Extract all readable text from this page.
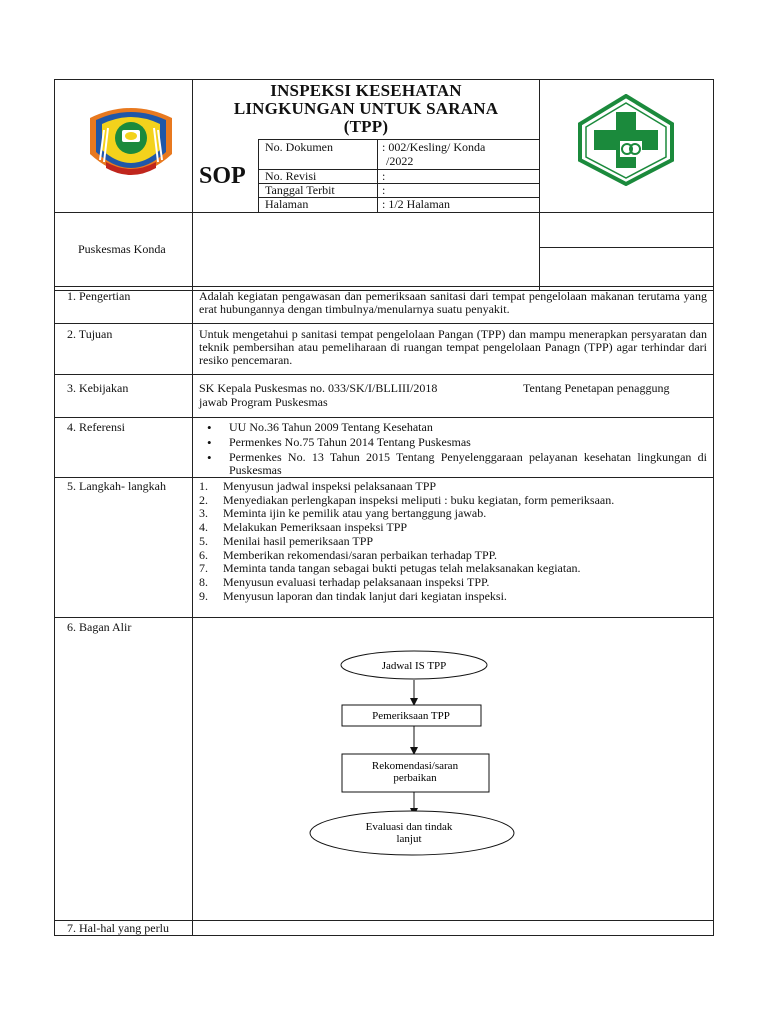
INSPEKSI KESEHATAN
LINGKUNGAN UNTUK SARANA
(TPP)
SOP
No. Dokumen	: 002/Kesling/ Konda
/2022
No. Revisi	:
Tanggal Terbit	:
Halaman	: 1/2 Halaman
Puskesmas Konda
1. Pengertian	Adalah kegiatan pengawasan dan pemeriksaan sanitasi dari tempat pengelolaan makanan terutama yang erat hubungannya dengan timbulnya/menularnya suatu penyakit.
2. Tujuan	Untuk mengetahui p sanitasi tempat pengelolaan Pangan (TPP) dan mampu menerapkan persyaratan dan teknik pembersihan atau pemeliharaan di ruangan tempat pengelolaan Panagn (TPP) agar terhindar dari resiko pencemaran.
3. Kebijakan	SK Kepala Puskesmas no. 033/SK/I/BLLIII/2018	Tentang Penetapan penaggung
jawab Program Puskesmas
4. Referensi
•	UU No.36 Tahun 2009 Tentang Kesehatan
• Permenkes No.75 Tahun 2014 Tentang Puskesmas
• Permenkes No. 13 Tahun 2015 Tentang Penyelenggaraan pelayanan kesehatan lingkungan di Puskesmas
5. Langkah- langkah	1. Menyusun jadwal inspeksi pelaksanaan TPP
2. Menyediakan perlengkapan inspeksi meliputi : buku kegiatan, form pemeriksaan.
3. Meminta ijin ke pemilik atau yang bertanggung jawab.
4. Melakukan Pemeriksaan inspeksi TPP
5. Menilai hasil pemeriksaan TPP
6. Memberikan rekomendasi/saran perbaikan terhadap TPP.
7. Meminta tanda tangan sebagai bukti petugas telah melaksanakan kegiatan.
8. Menyusun evaluasi terhadap pelaksanaan inspeksi TPP.
9. Menyusun laporan dan tindak lanjut dari kegiatan inspeksi.
6. Bagan Alir
Jadwal IS TPP
Pemeriksaan TPP
Rekomendasi/saran
perbaikan
Evaluasi dan tindak
lanjut
7. Hal-hal yang perlu
